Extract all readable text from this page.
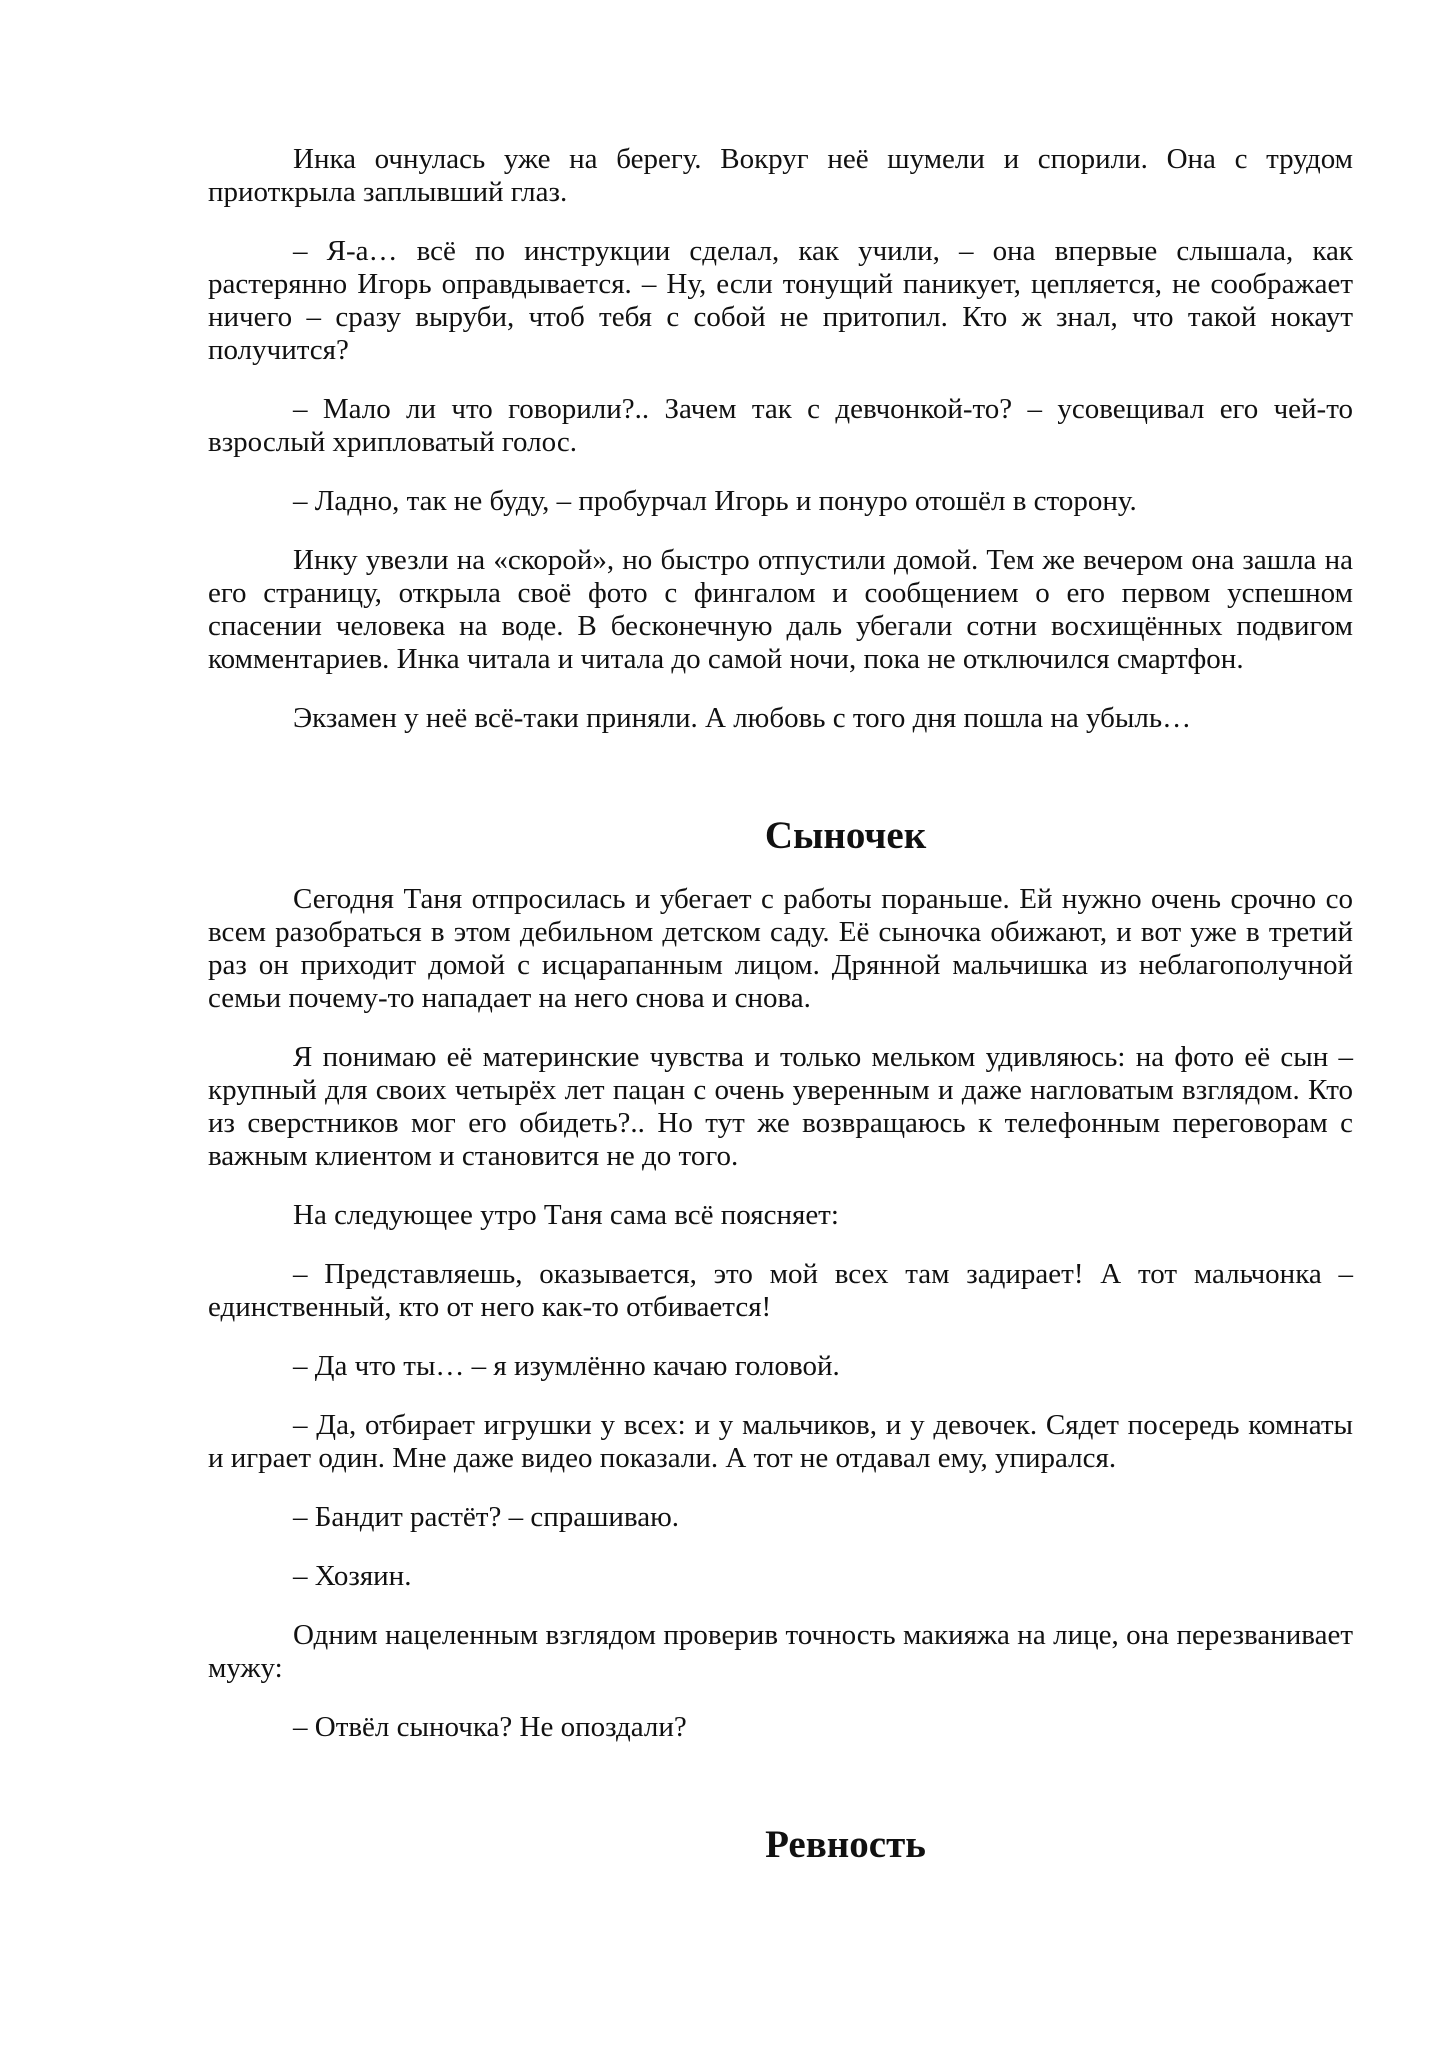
Инка очнулась уже на берегу. Вокруг неё шумели и спорили. Она с трудом приоткрыла заплывший глаз.

– Я-а… всё по инструкции сделал, как учили, – она впервые слышала, как растерянно Игорь оправдывается. – Ну, если тонущий паникует, цепляется, не соображает ничего – сразу выруби, чтоб тебя с собой не притопил. Кто ж знал, что такой нокаут получится?

– Мало ли что говорили?.. Зачем так с девчонкой-то? – усовещивал его чей-то взрослый хрипловатый голос.

– Ладно, так не буду, – пробурчал Игорь и понуро отошёл в сторону.

Инку увезли на «скорой», но быстро отпустили домой. Тем же вечером она зашла на его страницу, открыла своё фото с фингалом и сообщением о его первом успешном спасении человека на воде. В бесконечную даль убегали сотни восхищённых подвигом комментариев. Инка читала и читала до самой ночи, пока не отключился смартфон.

Экзамен у неё всё-таки приняли. А любовь с того дня пошла на убыль…

Сыночек

Сегодня Таня отпросилась и убегает с работы пораньше. Ей нужно очень срочно со всем разобраться в этом дебильном детском саду. Её сыночка обижают, и вот уже в третий раз он приходит домой с исцарапанным лицом. Дрянной мальчишка из неблагополучной семьи почему-то нападает на него снова и снова.

Я понимаю её материнские чувства и только мельком удивляюсь: на фото её сын – крупный для своих четырёх лет пацан с очень уверенным и даже нагловатым взглядом. Кто из сверстников мог его обидеть?.. Но тут же возвращаюсь к телефонным переговорам с важным клиентом и становится не до того.

На следующее утро Таня сама всё поясняет:

– Представляешь, оказывается, это мой всех там задирает! А тот мальчонка – единственный, кто от него как-то отбивается!

– Да что ты… – я изумлённо качаю головой.

– Да, отбирает игрушки у всех: и у мальчиков, и у девочек. Сядет посередь комнаты и играет один. Мне даже видео показали. А тот не отдавал ему, упирался.

– Бандит растёт? – спрашиваю.

– Хозяин.

Одним нацеленным взглядом проверив точность макияжа на лице, она перезванивает мужу:

– Отвёл сыночка? Не опоздали?

Ревность
